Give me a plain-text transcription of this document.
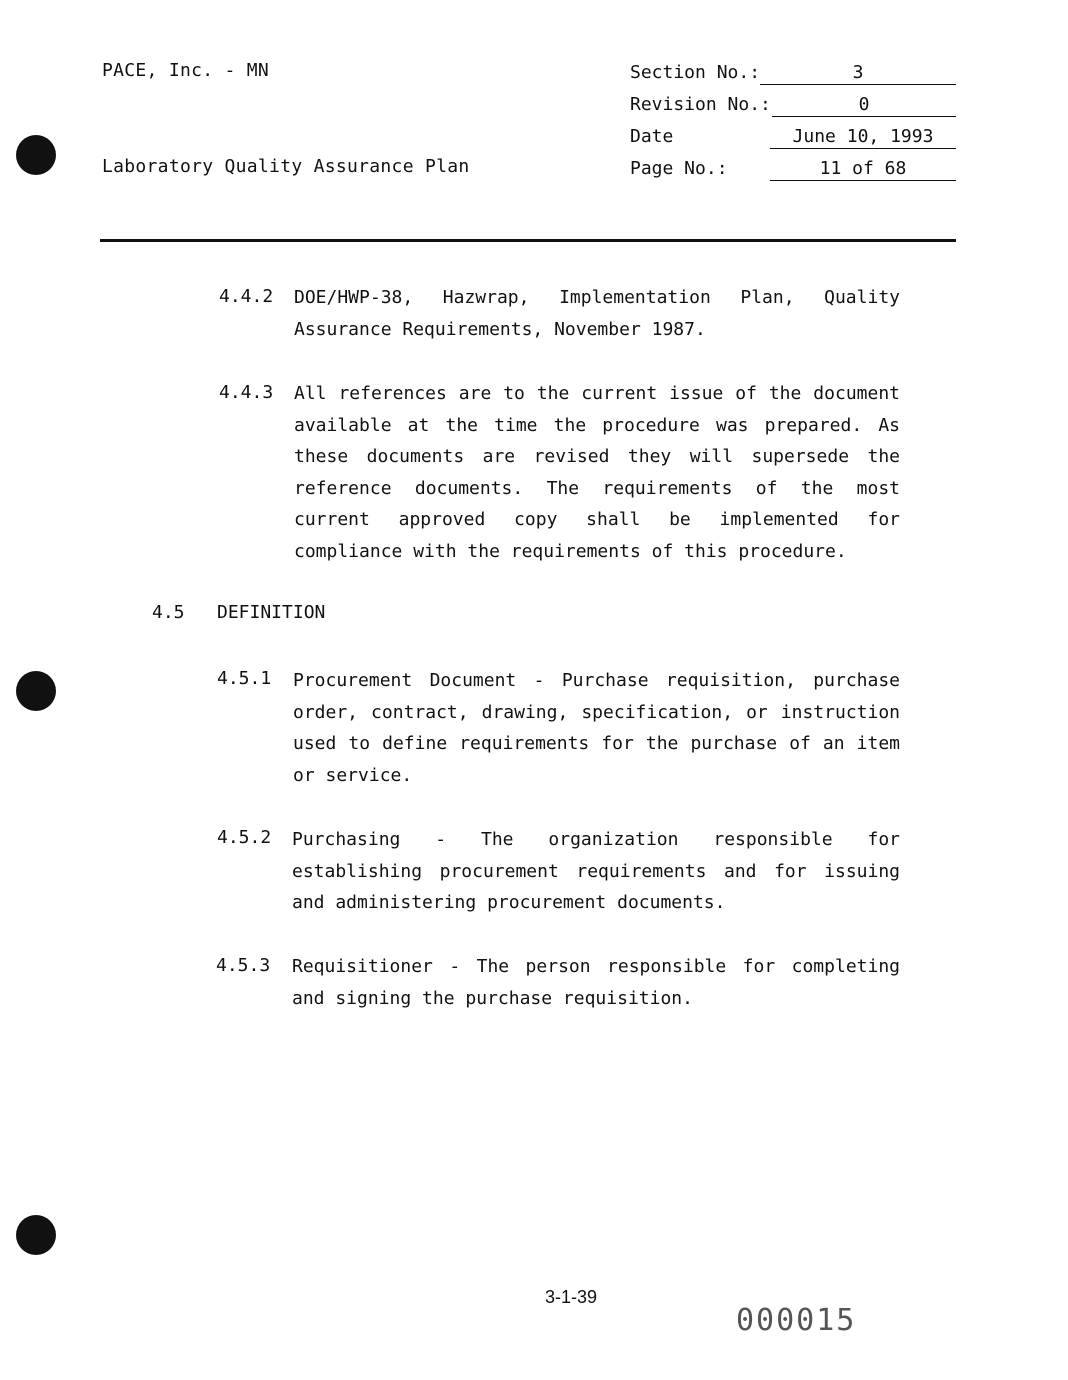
PACE, Inc. - MN
Laboratory Quality Assurance Plan
Section No.:	3
Revision No.:	0
Date	June 10, 1993
Page No.:	11 of 68
4.4.2 DOE/HWP-38, Hazwrap, Implementation Plan, Quality Assurance Requirements, November 1987.
4.4.3 All references are to the current issue of the document available at the time the procedure was prepared. As these documents are revised they will supersede the reference documents. The requirements of the most current approved copy shall be implemented for compliance with the requirements of this procedure.
4.5 DEFINITION
4.5.1 Procurement Document - Purchase requisition, purchase order, contract, drawing, specification, or instruction used to define requirements for the purchase of an item or service.
4.5.2 Purchasing - The organization responsible for establishing procurement requirements and for issuing and administering procurement documents.
4.5.3 Requisitioner - The person responsible for completing and signing the purchase requisition.
3-1-39
000015
